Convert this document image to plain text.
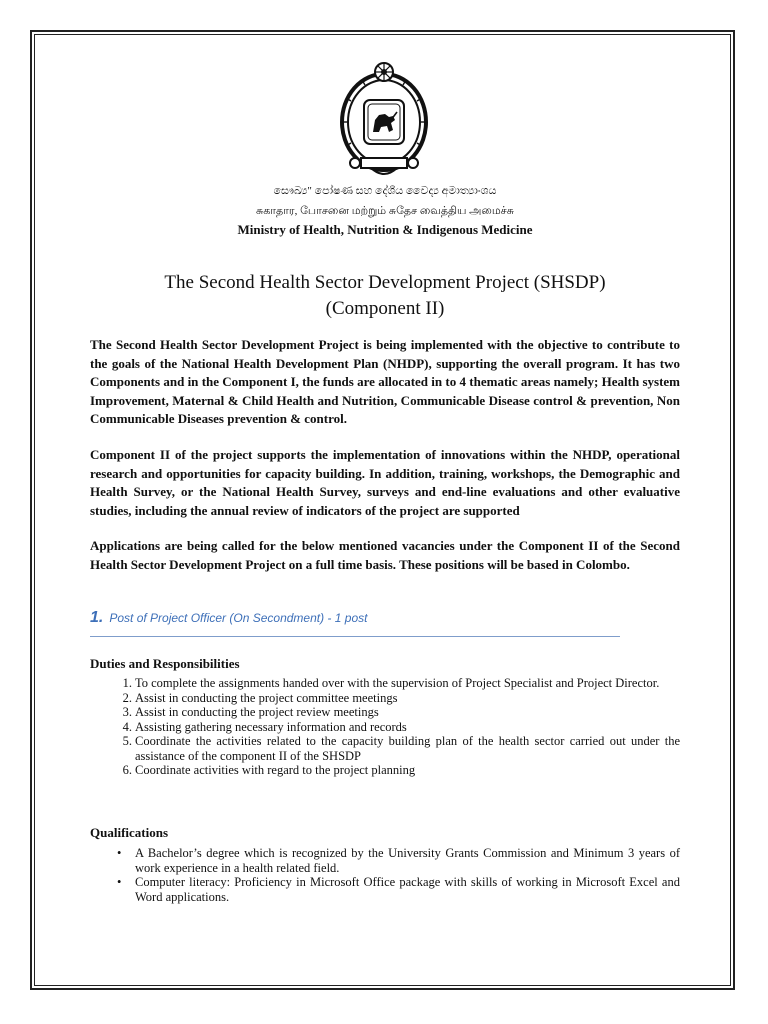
සෞඛ්‍ය" පෝෂණ සහ දේශීය වෛද්‍ය අමාත්‍යාංශය
சுகாதார, போசனை மற்றும் சுதேச வைத்திய அமைச்சு
Ministry of Health, Nutrition & Indigenous Medicine
The Second Health Sector Development Project (SHSDP)
(Component II)

The Second Health Sector Development Project is being implemented with the objective to contribute to the goals of the National Health Development Plan (NHDP), supporting the overall program. It has two Components and in the Component I, the funds are allocated in to 4 thematic areas namely; Health system Improvement, Maternal & Child Health and Nutrition, Communicable Disease control & prevention, Non Communicable Diseases prevention & control.

Component II of the project supports the implementation of innovations within the NHDP, operational research and opportunities for capacity building. In addition, training, workshops, the Demographic and Health Survey, or the National Health Survey, surveys and end-line evaluations and other evaluative studies, including the annual review of indicators of the project are supported

Applications are being called for the below mentioned vacancies under the Component II of the Second Health Sector Development Project on a full time basis. These positions will be based in Colombo.

1. Post of Project Officer (On Secondment) - 1 post
Duties and Responsibilities
1. To complete the assignments handed over with the supervision of Project Specialist and Project Director.
2. Assist in conducting the project committee meetings
3. Assist in conducting the project review meetings
4. Assisting gathering necessary information and records
5. Coordinate the activities related to the capacity building plan of the health sector carried out under the assistance of the component II of the SHSDP
6. Coordinate activities with regard to the project planning
Qualifications
• A Bachelor’s degree which is recognized by the University Grants Commission and Minimum 3 years of work experience in a health related field.
• Computer literacy: Proficiency in Microsoft Office package with skills of working in Microsoft Excel and Word applications.
